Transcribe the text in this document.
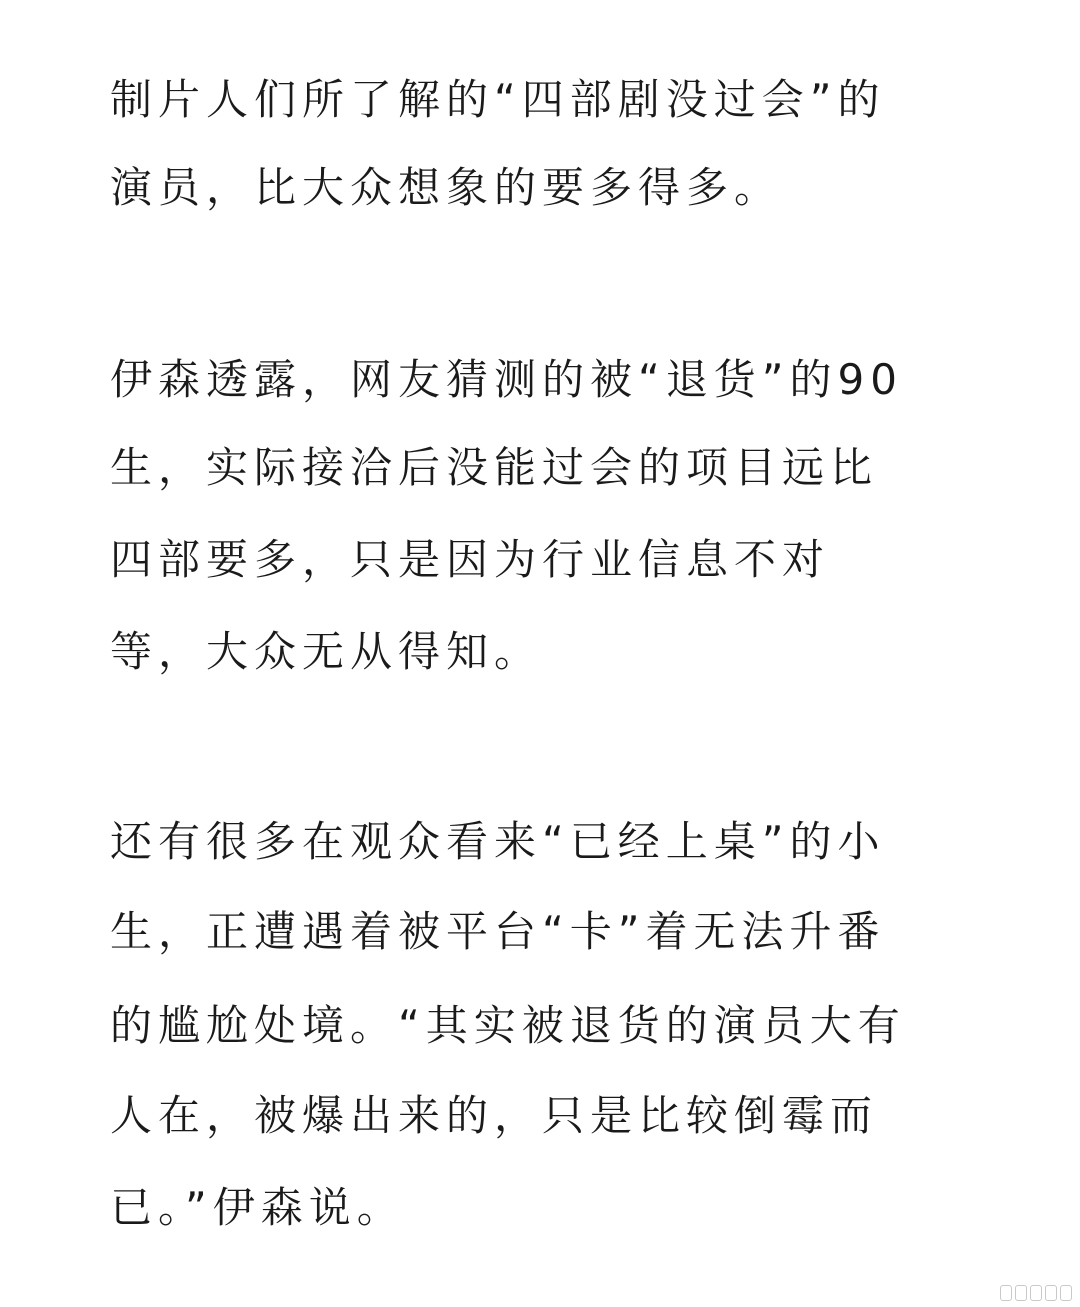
制片人们所了解的“四部剧没过会”的

演员，比大众想象的要多得多。

伊森透露，网友猜测的被“退货”的90

生，实际接洽后没能过会的项目远比

四部要多，只是因为行业信息不对

等，大众无从得知。

还有很多在观众看来“已经上桌”的小

生，正遭遇着被平台“卡”着无法升番

的尴尬处境。“其实被退货的演员大有

人在，被爆出来的，只是比较倒霉而

已。”伊森说。
